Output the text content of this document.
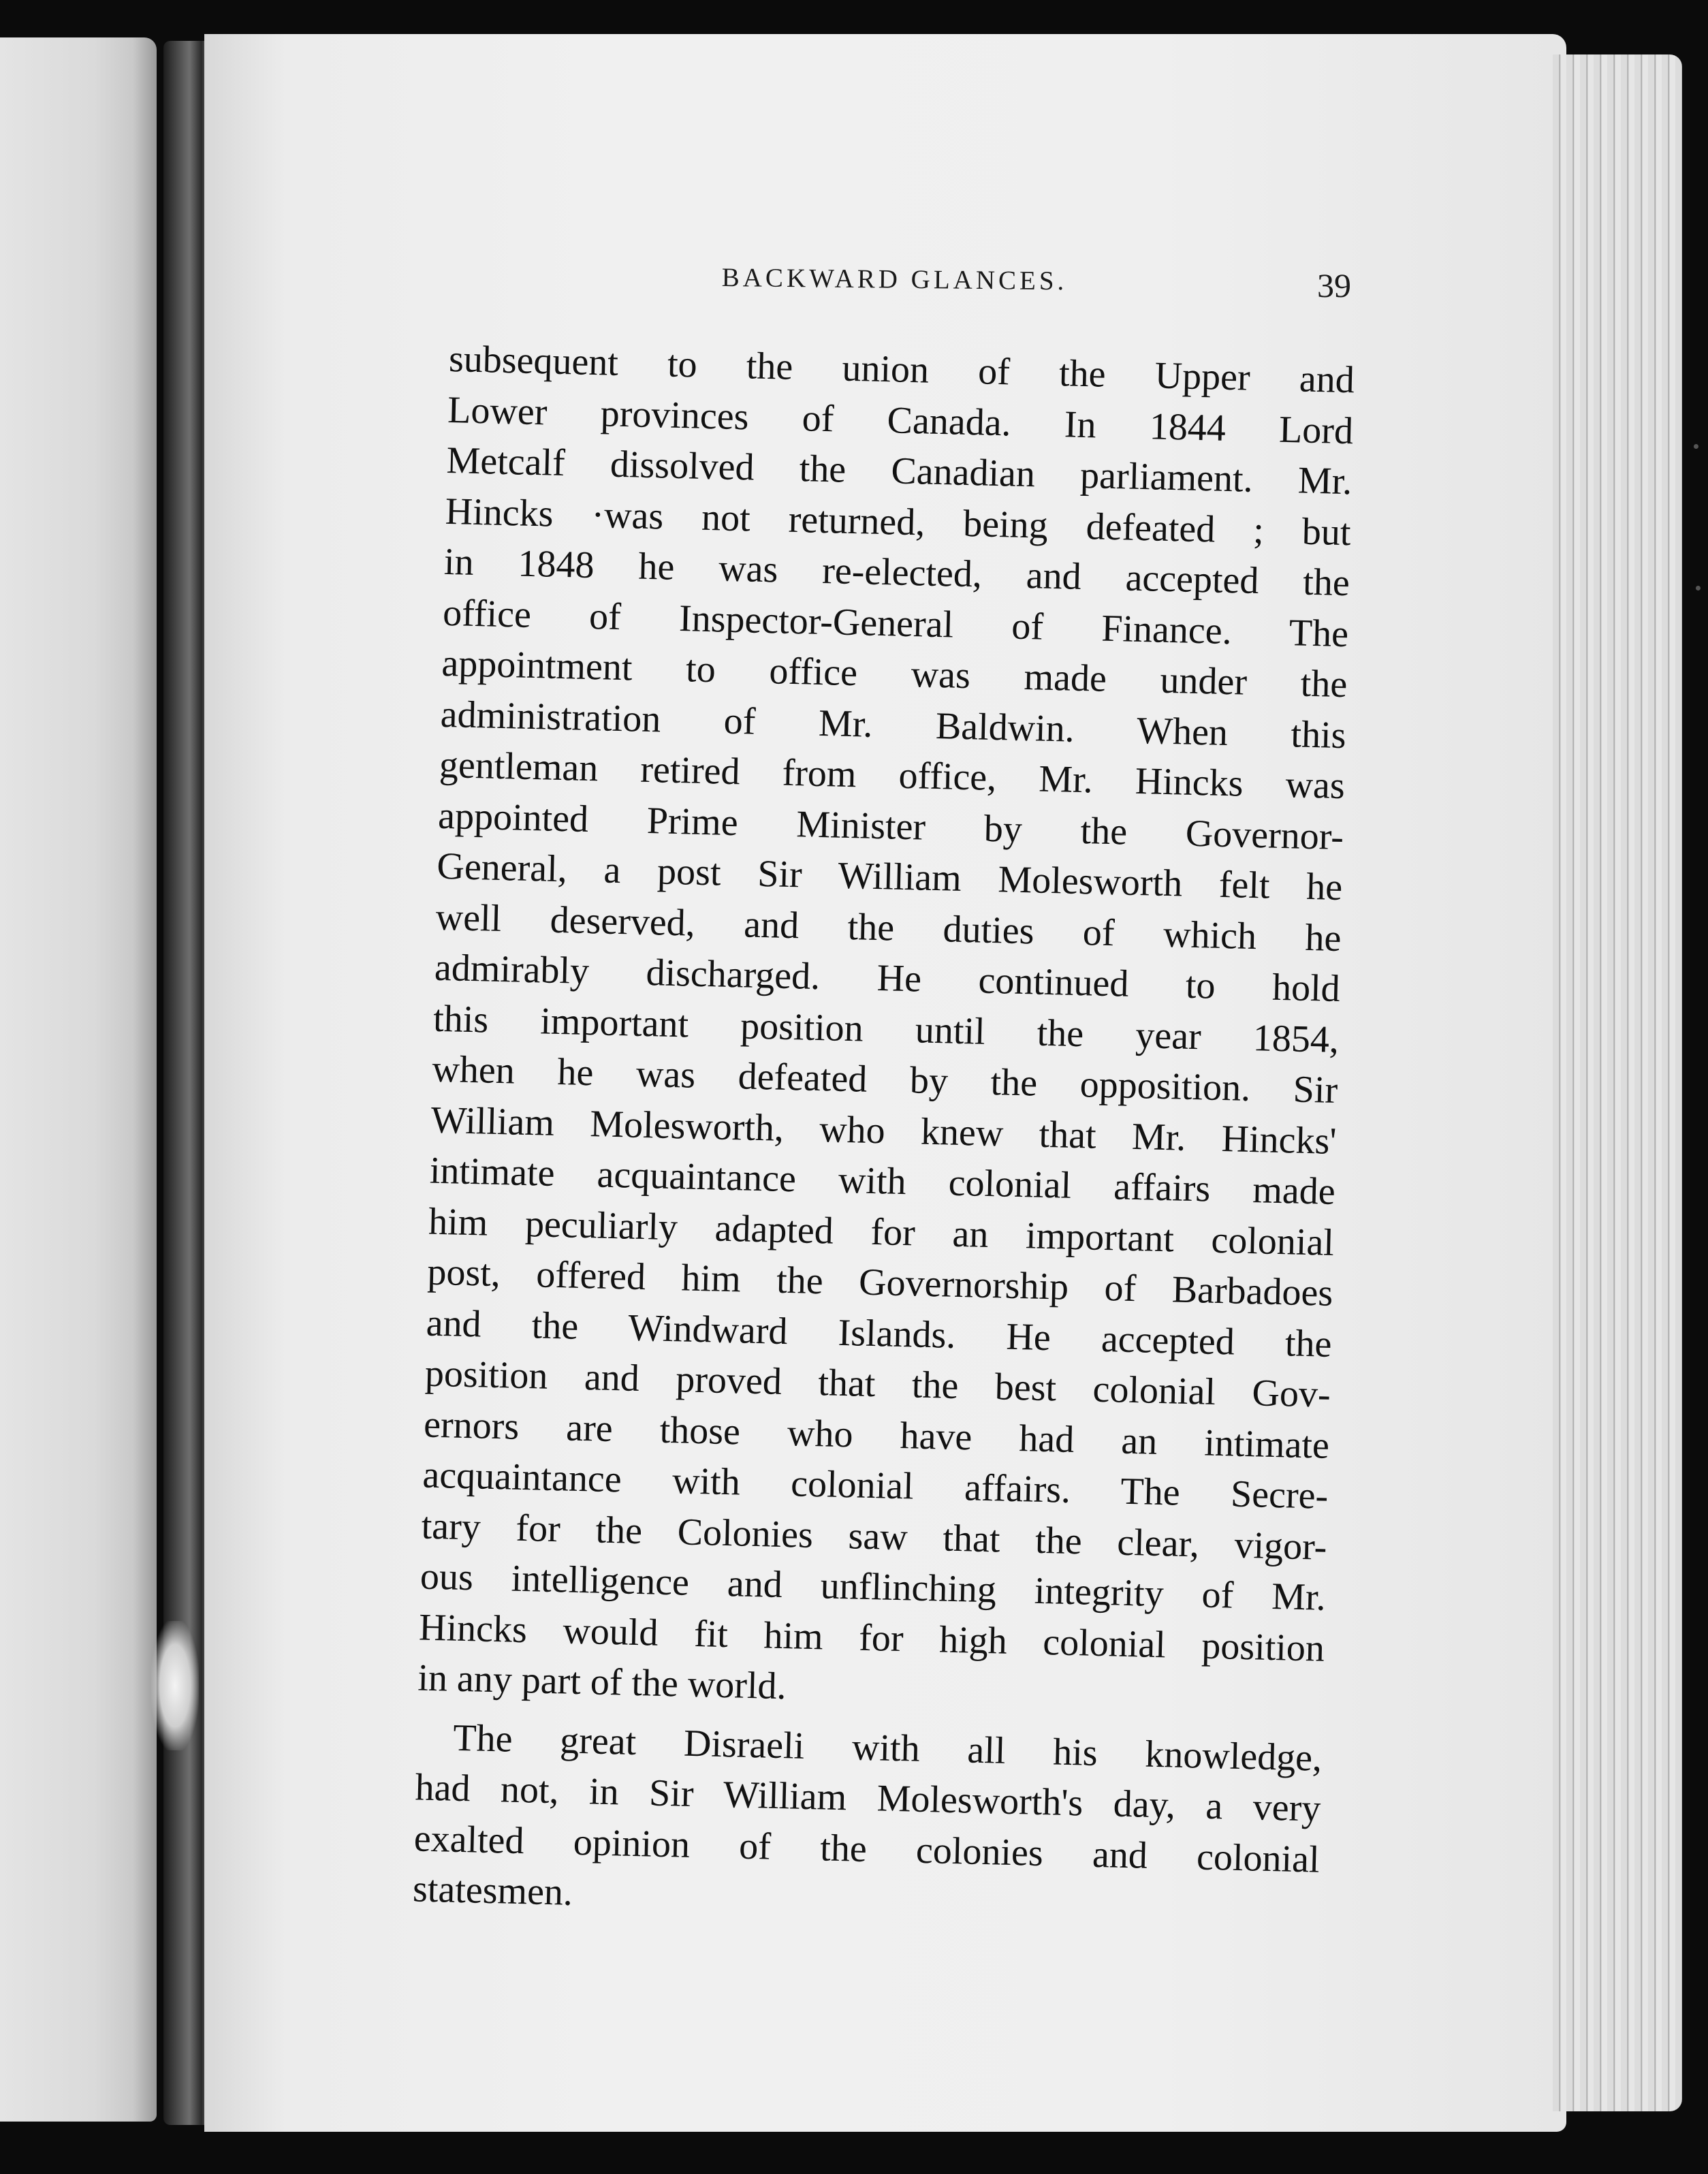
BACKWARD GLANCES.	39
subsequent to the union of the Upper and
Lower provinces of Canada. In 1844 Lord
Metcalf dissolved the Canadian parliament. Mr.
Hincks ·was not returned, being defeated ; but
in 1848 he was re-elected, and accepted the
office of Inspector-General of Finance. The
appointment to office was made under the
administration of Mr. Baldwin. When this
gentleman retired from office, Mr. Hincks was
appointed Prime Minister by the Governor-
General, a post Sir William Molesworth felt he
well deserved, and the duties of which he
admirably discharged. He continued to hold
this important position until the year 1854,
when he was defeated by the opposition. Sir
William Molesworth, who knew that Mr. Hincks'
intimate acquaintance with colonial affairs made
him peculiarly adapted for an important colonial
post, offered him the Governorship of Barbadoes
and the Windward Islands. He accepted the
position and proved that the best colonial Gov-
ernors are those who have had an intimate
acquaintance with colonial affairs. The Secre-
tary for the Colonies saw that the clear, vigor-
ous intelligence and unflinching integrity of Mr.
Hincks would fit him for high colonial position
in any part of the world.
The great Disraeli with all his knowledge,
had not, in Sir William Molesworth's day, a very
exalted opinion of the colonies and colonial
statesmen.
